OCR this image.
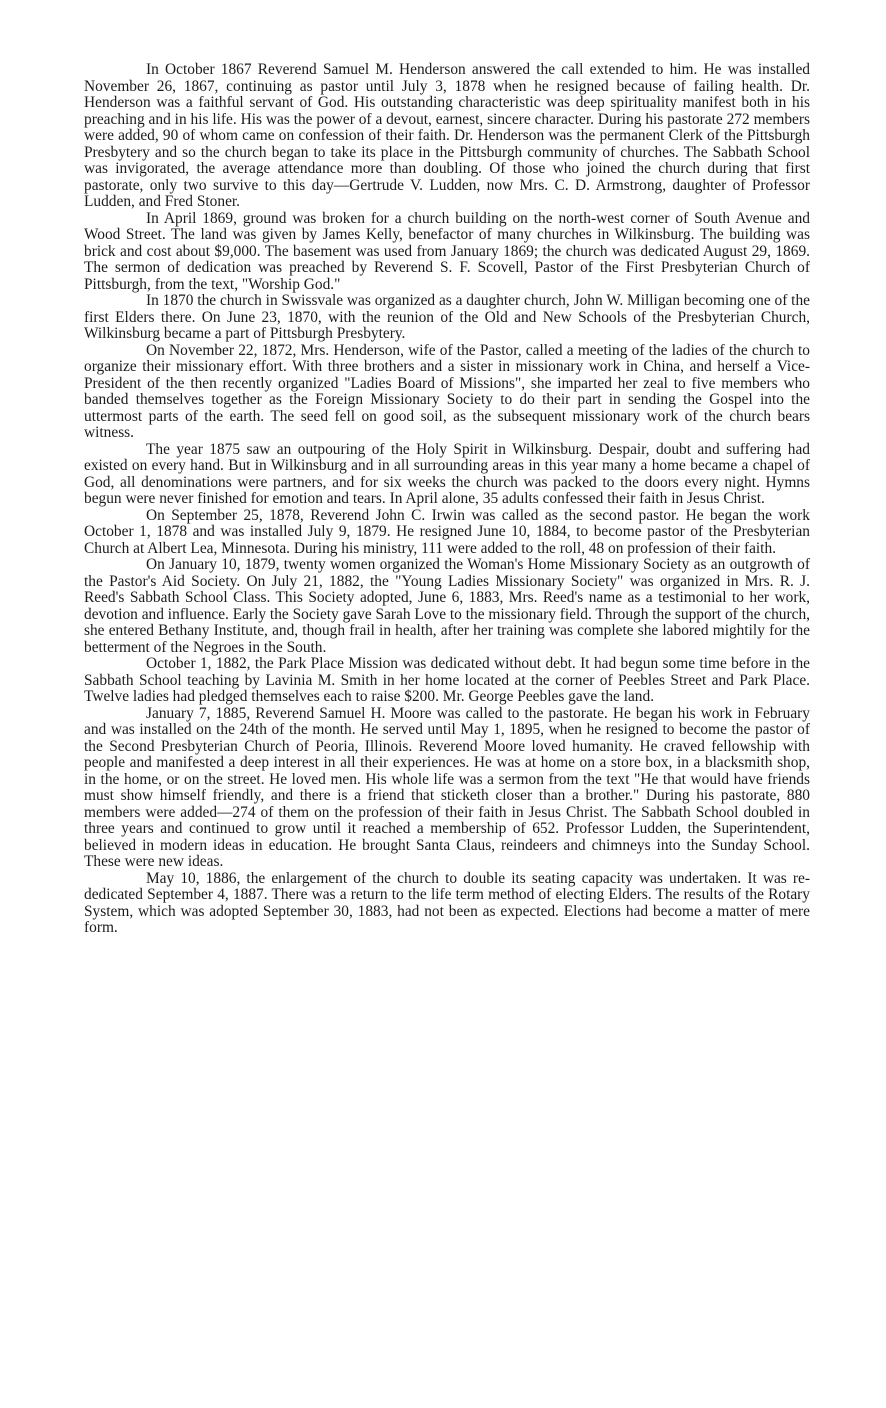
In October 1867 Reverend Samuel M. Henderson answered the call extended to him. He was installed November 26, 1867, continuing as pastor until July 3, 1878 when he resigned because of failing health. Dr. Henderson was a faithful servant of God. His outstanding characteristic was deep spirituality manifest both in his preaching and in his life. His was the power of a devout, earnest, sincere character. During his pastorate 272 members were added, 90 of whom came on confession of their faith. Dr. Henderson was the permanent Clerk of the Pittsburgh Presbytery and so the church began to take its place in the Pittsburgh community of churches. The Sabbath School was invigorated, the average attendance more than doubling. Of those who joined the church during that first pastorate, only two survive to this day—Gertrude V. Ludden, now Mrs. C. D. Armstrong, daughter of Professor Ludden, and Fred Stoner.

In April 1869, ground was broken for a church building on the north-west corner of South Avenue and Wood Street. The land was given by James Kelly, benefactor of many churches in Wilkinsburg. The building was brick and cost about $9,000. The basement was used from January 1869; the church was dedicated August 29, 1869. The sermon of dedication was preached by Reverend S. F. Scovell, Pastor of the First Presbyterian Church of Pittsburgh, from the text, "Worship God."

In 1870 the church in Swissvale was organized as a daughter church, John W. Milligan becoming one of the first Elders there. On June 23, 1870, with the reunion of the Old and New Schools of the Presbyterian Church, Wilkinsburg became a part of Pittsburgh Presbytery.

On November 22, 1872, Mrs. Henderson, wife of the Pastor, called a meeting of the ladies of the church to organize their missionary effort. With three brothers and a sister in missionary work in China, and herself a Vice-President of the then recently organized "Ladies Board of Missions", she imparted her zeal to five members who banded themselves together as the Foreign Missionary Society to do their part in sending the Gospel into the uttermost parts of the earth. The seed fell on good soil, as the subsequent missionary work of the church bears witness.

The year 1875 saw an outpouring of the Holy Spirit in Wilkinsburg. Despair, doubt and suffering had existed on every hand. But in Wilkinsburg and in all surrounding areas in this year many a home became a chapel of God, all denominations were partners, and for six weeks the church was packed to the doors every night. Hymns begun were never finished for emotion and tears. In April alone, 35 adults confessed their faith in Jesus Christ.

On September 25, 1878, Reverend John C. Irwin was called as the second pastor. He began the work October 1, 1878 and was installed July 9, 1879. He resigned June 10, 1884, to become pastor of the Presbyterian Church at Albert Lea, Minnesota. During his ministry, 111 were added to the roll, 48 on profession of their faith.

On January 10, 1879, twenty women organized the Woman's Home Missionary Society as an outgrowth of the Pastor's Aid Society. On July 21, 1882, the "Young Ladies Missionary Society" was organized in Mrs. R. J. Reed's Sabbath School Class. This Society adopted, June 6, 1883, Mrs. Reed's name as a testimonial to her work, devotion and influence. Early the Society gave Sarah Love to the missionary field. Through the support of the church, she entered Bethany Institute, and, though frail in health, after her training was complete she labored mightily for the betterment of the Negroes in the South.

October 1, 1882, the Park Place Mission was dedicated without debt. It had begun some time before in the Sabbath School teaching by Lavinia M. Smith in her home located at the corner of Peebles Street and Park Place. Twelve ladies had pledged themselves each to raise $200. Mr. George Peebles gave the land.

January 7, 1885, Reverend Samuel H. Moore was called to the pastorate. He began his work in February and was installed on the 24th of the month. He served until May 1, 1895, when he resigned to become the pastor of the Second Presbyterian Church of Peoria, Illinois. Reverend Moore loved humanity. He craved fellowship with people and manifested a deep interest in all their experiences. He was at home on a store box, in a blacksmith shop, in the home, or on the street. He loved men. His whole life was a sermon from the text "He that would have friends must show himself friendly, and there is a friend that sticketh closer than a brother." During his pastorate, 880 members were added—274 of them on the profession of their faith in Jesus Christ. The Sabbath School doubled in three years and continued to grow until it reached a membership of 652. Professor Ludden, the Superintendent, believed in modern ideas in education. He brought Santa Claus, reindeers and chimneys into the Sunday School. These were new ideas.

May 10, 1886, the enlargement of the church to double its seating capacity was undertaken. It was re-dedicated September 4, 1887. There was a return to the life term method of electing Elders. The results of the Rotary System, which was adopted September 30, 1883, had not been as expected. Elections had become a matter of mere form.
